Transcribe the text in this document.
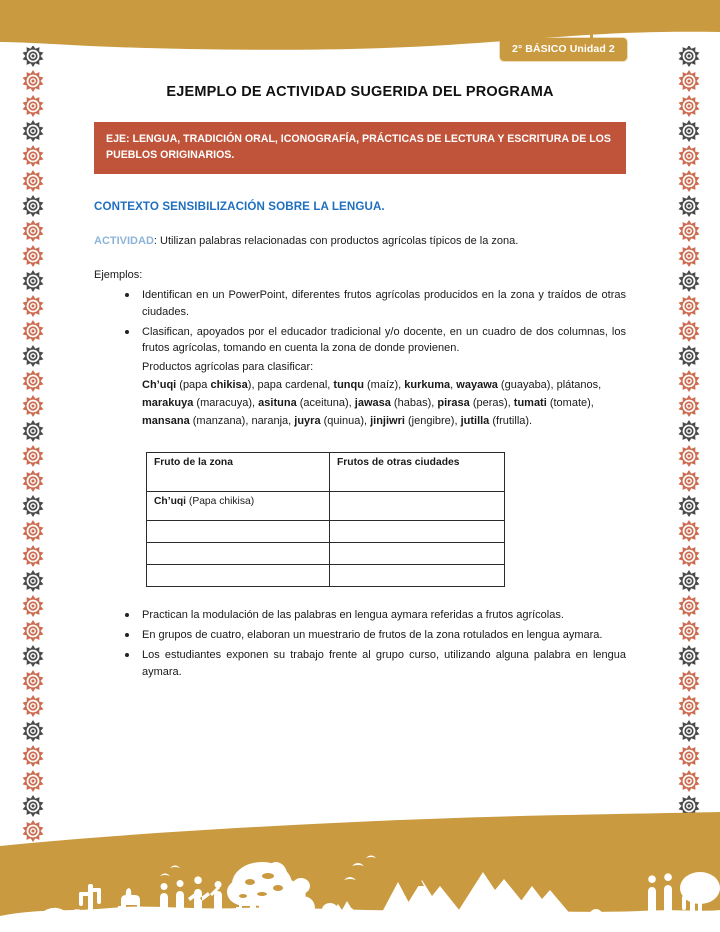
2° BÁSICO Unidad 2
EJEMPLO DE ACTIVIDAD SUGERIDA DEL PROGRAMA
EJE: LENGUA, TRADICIÓN ORAL, ICONOGRAFÍA, PRÁCTICAS DE LECTURA Y ESCRITURA DE LOS PUEBLOS ORIGINARIOS.
CONTEXTO SENSIBILIZACIÓN SOBRE LA LENGUA.

ACTIVIDAD: Utilizan palabras relacionadas con productos agrícolas típicos de la zona.

Ejemplos:

Identifican en un PowerPoint, diferentes frutos agrícolas producidos en la zona y traídos de otras ciudades.
Clasifican, apoyados por el educador tradicional y/o docente, en un cuadro de dos columnas, los frutos agrícolas, tomando en cuenta la zona de donde provienen.
Productos agrícolas para clasificar:
Ch’uqi (papa chikisa), papa cardenal, tunqu (maíz), kurkuma, wayawa (guayaba), plátanos,
marakuya (maracuya), asituna (aceituna), jawasa (habas), pirasa (peras), tumati (tomate),
mansana (manzana), naranja, juyra (quinua), jinjiwri (jengibre), jutilla (frutilla).
Fruto de la zona	Frutos de otras ciudades
Ch’uqi (Papa chikisa)	

Practican la modulación de las palabras en lengua aymara referidas a frutos agrícolas.
En grupos de cuatro, elaboran un muestrario de frutos de la zona rotulados en lengua aymara.
Los estudiantes exponen su trabajo frente al grupo curso, utilizando alguna palabra en lengua aymara.
